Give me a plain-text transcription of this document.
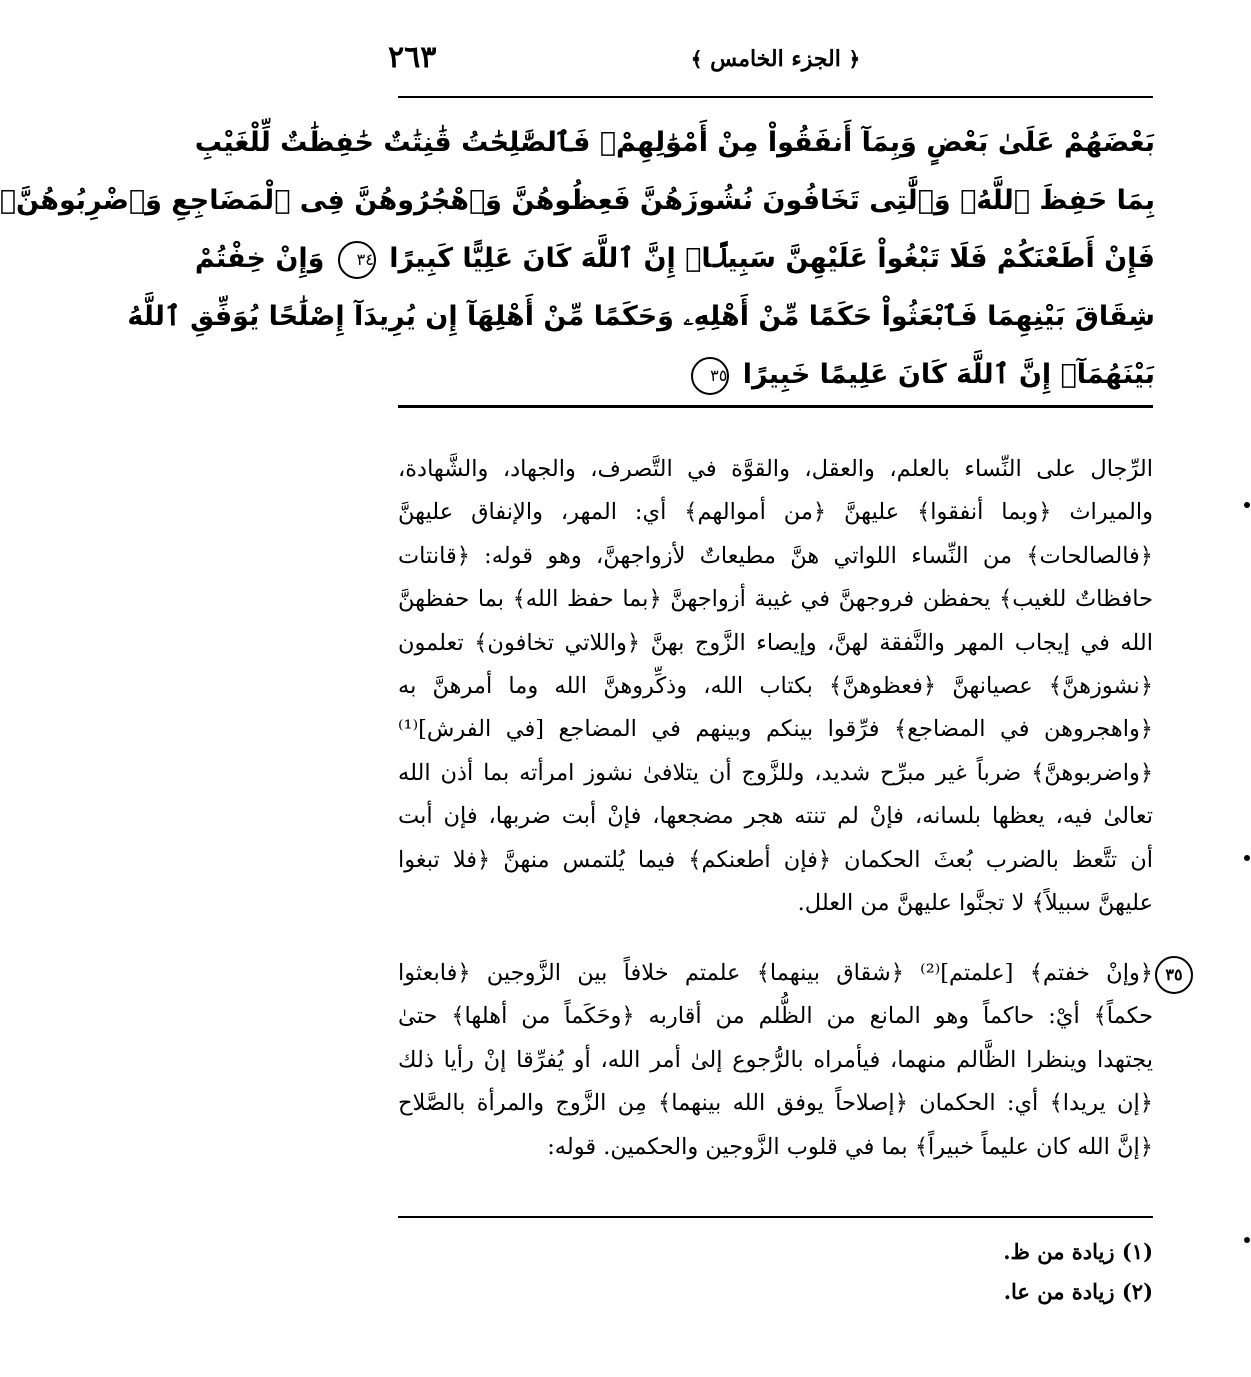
٢٦٣	﴿ الجزء الخامس ﴾
بَعْضَهُمْ عَلَىٰ بَعْضٍ وَبِمَآ أَنفَقُواْ مِنْ أَمْوَٰلِهِمْۚ فَٱلصَّٰلِحَٰتُ قَٰنِتَٰتٌ حَٰفِظَٰتٌ لِّلْغَيْبِ
بِمَا حَفِظَ ٱللَّهُۚ وَٱلَّٰتِى تَخَافُونَ نُشُوزَهُنَّ فَعِظُوهُنَّ وَٱهْجُرُوهُنَّ فِى ٱلْمَضَاجِعِ وَٱضْرِبُوهُنَّۖ
فَإِنْ أَطَعْنَكُمْ فَلَا تَبْغُواْ عَلَيْهِنَّ سَبِيلًاۗ إِنَّ ٱللَّهَ كَانَ عَلِيًّا كَبِيرًا ٣٤ وَإِنْ خِفْتُمْ
شِقَاقَ بَيْنِهِمَا فَٱبْعَثُواْ حَكَمًا مِّنْ أَهْلِهِۦ وَحَكَمًا مِّنْ أَهْلِهَآ إِن يُرِيدَآ إِصْلَٰحًا يُوَفِّقِ ٱللَّهُ
بَيْنَهُمَآۗ إِنَّ ٱللَّهَ كَانَ عَلِيمًا خَبِيرًا ٣٥
الرِّجال على النِّساء بالعلم، والعقل، والقوَّة في التَّصرف، والجهاد، والشَّهادة،
والميراث ﴿وبما أنفقوا﴾ عليهنَّ ﴿من أموالهم﴾ أي: المهر، والإنفاق عليهنَّ
﴿فالصالحات﴾ من النِّساء اللواتي هنَّ مطيعاتٌ لأزواجهنَّ، وهو قوله: ﴿قانتات
حافظاتٌ للغيب﴾ يحفظن فروجهنَّ في غيبة أزواجهنَّ ﴿بما حفظ الله﴾ بما حفظهنَّ
الله في إيجاب المهر والنَّفقة لهنَّ، وإيصاء الزَّوج بهنَّ ﴿واللاتي تخافون﴾ تعلمون
﴿نشوزهنَّ﴾ عصيانهنَّ ﴿فعظوهنَّ﴾ بكتاب الله، وذكِّروهنَّ الله وما أمرهنَّ به
﴿واهجروهن في المضاجع﴾ فرِّقوا بينكم وبينهم في المضاجع [في الفرش]⁽¹⁾
﴿واضربوهنَّ﴾ ضرباً غير مبرِّح شديد، وللزَّوج أن يتلافىٰ نشوز امرأته بما أذن الله
تعالىٰ فيه، يعظها بلسانه، فإنْ لم تنته هجر مضجعها، فإنْ أبت ضربها، فإن أبت
أن تتَّعظ بالضرب بُعثَ الحكمان ﴿فإن أطعنكم﴾ فيما يُلتمس منهنَّ ﴿فلا تبغوا
عليهنَّ سبيلاً﴾ لا تجنَّوا عليهنَّ من العلل.
٣٥
﴿وإنْ خفتم﴾ [علمتم]⁽²⁾ ﴿شقاق بينهما﴾ علمتم خلافاً بين الزَّوجين ﴿فابعثوا
حكماً﴾ أيْ: حاكماً وهو المانع من الظُّلم من أقاربه ﴿وحَكَماً من أهلها﴾ حتىٰ
يجتهدا وينظرا الظَّالم منهما، فيأمراه بالرُّجوع إلىٰ أمر الله، أو يُفرِّقا إنْ رأيا ذلك
﴿إن يريدا﴾ أي: الحكمان ﴿إصلاحاً يوفق الله بينهما﴾ مِن الزَّوج والمرأة بالصَّلاح
﴿إنَّ الله كان عليماً خبيراً﴾ بما في قلوب الزَّوجين والحكمين. قوله:
(١) زيادة من ظ.
(٢) زيادة من عا.
